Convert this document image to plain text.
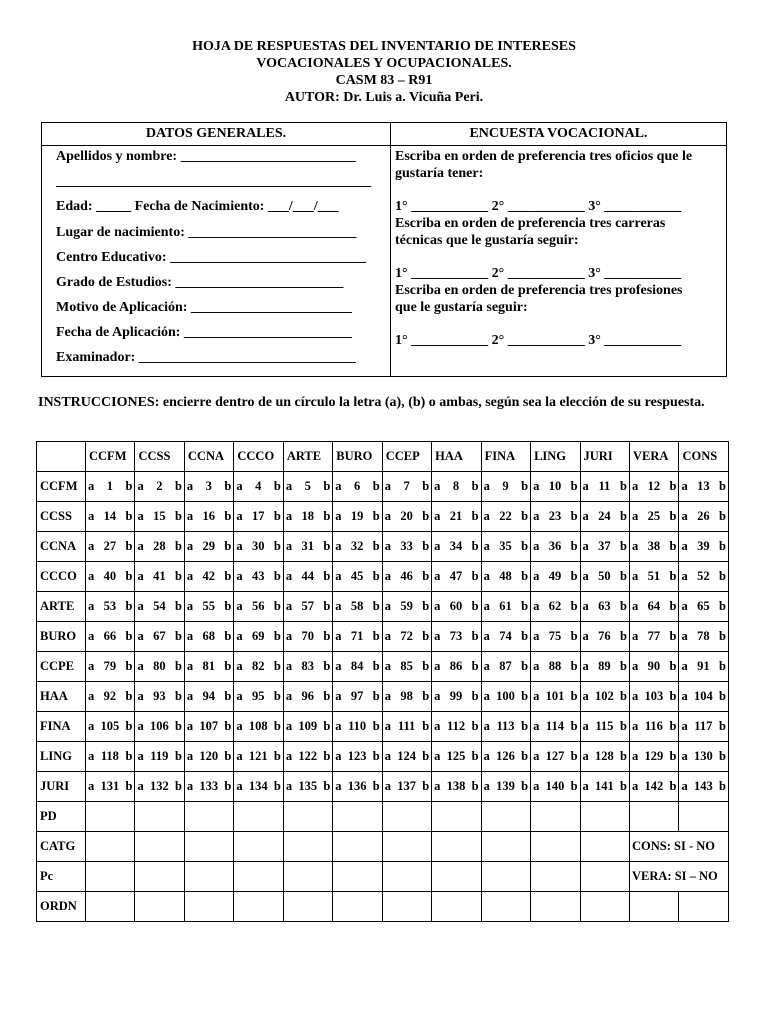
HOJA DE RESPUESTAS DEL INVENTARIO DE INTERESES
VOCACIONALES Y OCUPACIONALES.
CASM 83 – R91
AUTOR: Dr. Luis a. Vicuña Peri.
DATOS GENERALES.	ENCUESTA VOCACIONAL.
Apellidos y nombre: _________________________
_____________________________________________
Edad: _____ Fecha de Nacimiento: ___/___/___
Lugar de nacimiento: ________________________
Centro Educativo: ____________________________
Grado de Estudios: ________________________
Motivo de Aplicación: _______________________
Fecha de Aplicación: ________________________
Examinador: _______________________________
Escriba en orden de preferencia tres oficios que le
gustaría tener:
1° ___________ 2° ___________ 3° ___________
Escriba en orden de preferencia tres carreras
técnicas que le gustaría seguir:
1° ___________ 2° ___________ 3° ___________
Escriba en orden de preferencia tres profesiones
que le gustaría seguir:
1° ___________ 2° ___________ 3° ___________
INSTRUCCIONES: encierre dentro de un círculo la letra (a), (b) o ambas, según sea la elección de su respuesta.
	CCFM	CCSS	CCNA	CCCO	ARTE	BURO	CCEP	HAA	FINA	LING	JURI	VERA	CONS
CCFM	a 1 b	a 2 b	a 3 b	a 4 b	a 5 b	a 6 b	a 7 b	a 8 b	a 9 b	a 10 b	a 11 b	a 12 b	a 13 b

CCSS	a 14 b	a 15 b	a 16 b	a 17 b	a 18 b	a 19 b	a 20 b	a 21 b	a 22 b	a 23 b	a 24 b	a 25 b	a 26 b

CCNA	a 27 b	a 28 b	a 29 b	a 30 b	a 31 b	a 32 b	a 33 b	a 34 b	a 35 b	a 36 b	a 37 b	a 38 b	a 39 b

CCCO	a 40 b	a 41 b	a 42 b	a 43 b	a 44 b	a 45 b	a 46 b	a 47 b	a 48 b	a 49 b	a 50 b	a 51 b	a 52 b

ARTE	a 53 b	a 54 b	a 55 b	a 56 b	a 57 b	a 58 b	a 59 b	a 60 b	a 61 b	a 62 b	a 63 b	a 64 b	a 65 b

BURO	a 66 b	a 67 b	a 68 b	a 69 b	a 70 b	a 71 b	a 72 b	a 73 b	a 74 b	a 75 b	a 76 b	a 77 b	a 78 b

CCPE	a 79 b	a 80 b	a 81 b	a 82 b	a 83 b	a 84 b	a 85 b	a 86 b	a 87 b	a 88 b	a 89 b	a 90 b	a 91 b

HAA	a 92 b	a 93 b	a 94 b	a 95 b	a 96 b	a 97 b	a 98 b	a 99 b	a 100 b	a 101 b	a 102 b	a 103 b	a 104 b

FINA	a 105 b	a 106 b	a 107 b	a 108 b	a 109 b	a 110 b	a 111 b	a 112 b	a 113 b	a 114 b	a 115 b	a 116 b	a 117 b

LING	a 118 b	a 119 b	a 120 b	a 121 b	a 122 b	a 123 b	a 124 b	a 125 b	a 126 b	a 127 b	a 128 b	a 129 b	a 130 b

JURI	a 131 b	a 132 b	a 133 b	a 134 b	a 135 b	a 136 b	a 137 b	a 138 b	a 139 b	a 140 b	a 141 b	a 142 b	a 143 b

PD													
CATG												CONS: SI - NO	
Pc												VERA: SI – NO	
ORDN													
